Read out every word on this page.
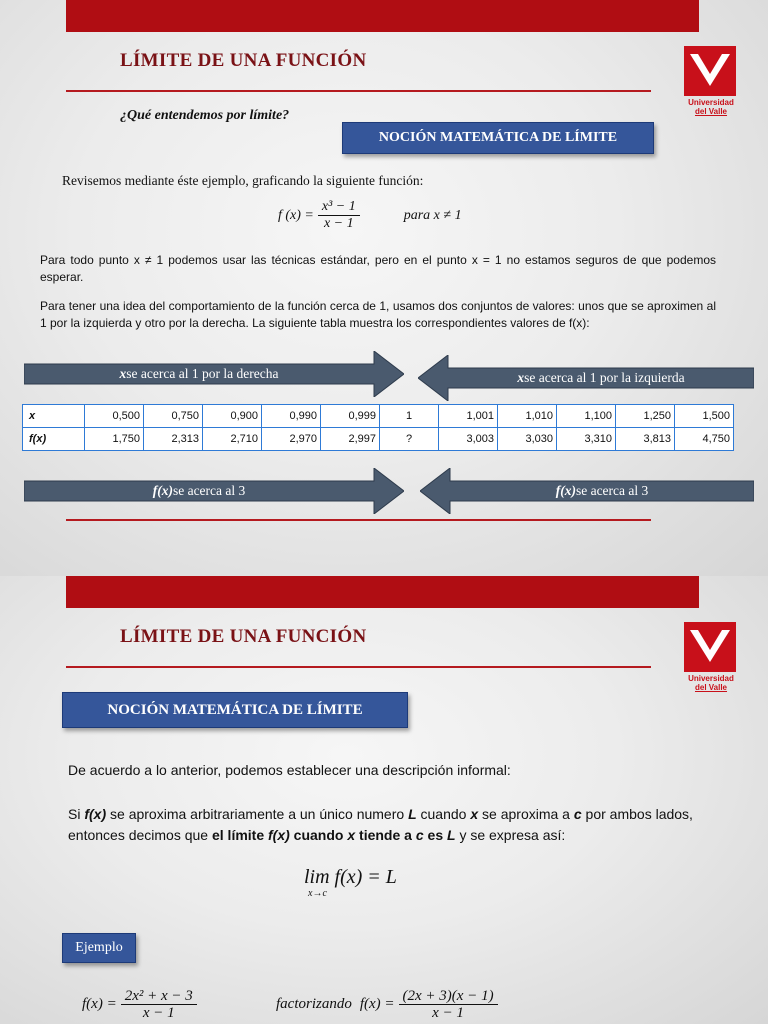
LÍMITE DE UNA FUNCIÓN
Universidad
del Valle
¿Qué entendemos por límite?
NOCIÓN MATEMÁTICA DE LÍMITE
Revisemos mediante éste ejemplo, graficando la siguiente función:
f $(x) = \frac{\text{x³ − 1}}{x - 1}$	para x ≠ 1
Para todo punto x ≠ 1 podemos usar las técnicas estándar, pero en el punto x = 1 no estamos seguros de que podemos esperar.
Para tener una idea del comportamiento de la función cerca de 1, usamos dos conjuntos de valores: unos que se aproximen al 1 por la izquierda y otro por la derecha. La siguiente tabla muestra los correspondientes valores de f(x):
x se acerca al 1 por la derecha	x se acerca al 1 por la izquierda
x	0,500	0,750	0,900	0,990	0,999	1	1,001	1,010	1,100	1,250	1,500
f(x)	1,750	2,313	2,710	2,970	2,997	?	3,003	3,030	3,310	3,813	4,750
f(x) se acerca al 3	f(x) se acerca al 3
LÍMITE DE UNA FUNCIÓN
Universidad
del Valle
NOCIÓN MATEMÁTICA DE LÍMITE
De acuerdo a lo anterior, podemos establecer una descripción informal:
Si f(x) se aproxima arbitrariamente a un único numero L cuando x se aproxima a c por ambos lados, entonces decimos que el límite f(x) cuando x tiende a c es L y se expresa así:
lim f(x) = L
x→c
Ejemplo
$f(x) = \frac{\text{2x² + x − 3}}{x - 1}$	factorizando $f(x) = \frac{(2x + 3)(x - 1)}{x - 1}$
